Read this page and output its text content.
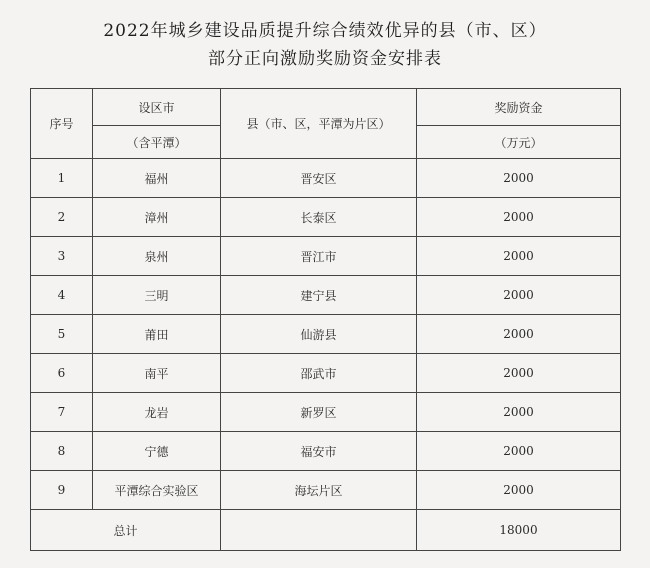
2022年城乡建设品质提升综合绩效优异的县（市、区）
部分正向激励奖励资金安排表
序号	设区市	县（市、区，平潭为片区）	奖励资金
	（含平潭）		（万元）
1	福州	晋安区	2000
2	漳州	长泰区	2000
3	泉州	晋江市	2000
4	三明	建宁县	2000
5	莆田	仙游县	2000
6	南平	邵武市	2000
7	龙岩	新罗区	2000
8	宁德	福安市	2000
9	平潭综合实验区	海坛片区	2000
总计			18000
